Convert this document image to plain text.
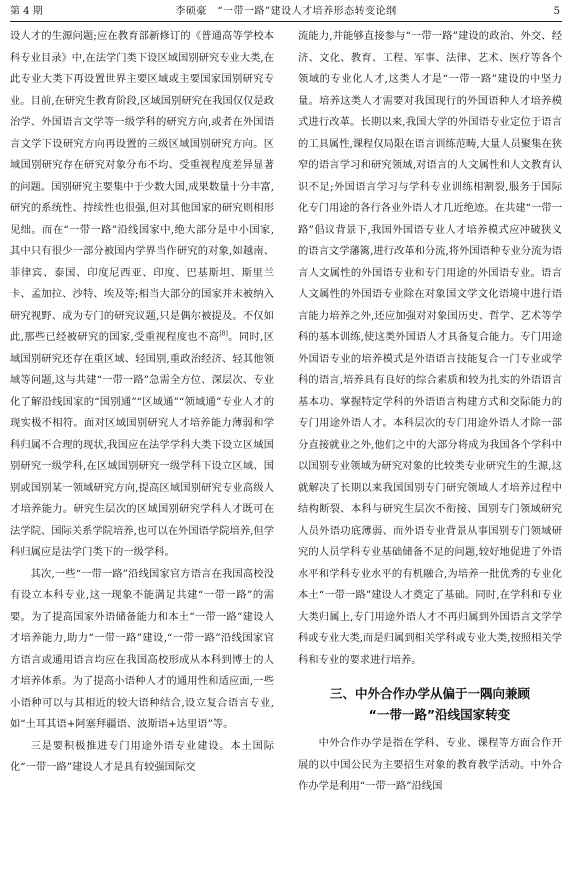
第 4 期	李硕豪　“一带一路”建设人才培养形态转变论纲	5

设人才的生源问题;应在教育部新修订的《普通高等学校本科专业目录》中,在法学门类下设区域国别研究专业大类,在此专业大类下再设置世界主要区域或主要国家国别研究专业。目前,在研究生教育阶段,区域国别研究在我国仅仅是政治学、外国语言文学等一级学科的研究方向,或者在外国语言文学下设研究方向再设置的三级区域国别研究方向。区域国别研究存在研究对象分布不均、受重视程度差异显著的问题。国别研究主要集中于少数大国,成果数量十分丰富,研究的系统性、持续性也很强,但对其他国家的研究则相形见绌。而在“一带一路”沿线国家中,绝大部分是中小国家,其中只有很少一部分被国内学界当作研究的对象,如越南、菲律宾、泰国、印度尼西亚、印度、巴基斯坦、斯里兰卡、孟加拉、沙特、埃及等;相当大部分的国家并未被纳入研究视野、成为专门的研究议题,只是偶尔被提及。不仅如此,那些已经被研究的国家,受重视程度也不高[8]。同时,区域国别研究还存在重区域、轻国别,重政治经济、轻其他领域等问题,这与共建“一带一路”急需全方位、深层次、专业化了解沿线国家的“国别通”“区域通”“领域通”专业人才的现实极不相符。面对区域国别研究人才培养能力薄弱和学科归属不合理的现状,我国应在法学学科大类下设立区域国别研究一级学科,在区域国别研究一级学科下设立区域、国别或国别某一领域研究方向,提高区域国别研究专业高级人才培养能力。研究生层次的区域国别研究学科人才既可在法学院、国际关系学院培养,也可以在外国语学院培养,但学科归属应是法学门类下的一级学科。

其次,一些“一带一路”沿线国家官方语言在我国高校没有设立本科专业,这一现象不能满足共建“一带一路”的需要。为了提高国家外语储备能力和本土“一带一路”建设人才培养能力,助力“一带一路”建设,“一带一路”沿线国家官方语言或通用语言均应在我国高校形成从本科到博士的人才培养体系。为了提高小语种人才的通用性和适应面,一些小语种可以与其相近的较大语种结合,设立复合语言专业,如“土耳其语+阿塞拜疆语、波斯语+达里语”等。

三是要积极推进专门用途外语专业建设。本土国际化“一带一路”建设人才是具有较强国际交

流能力,并能够直接参与“一带一路”建设的政治、外交、经济、文化、教育、工程、军事、法律、艺术、医疗等各个领域的专业化人才,这类人才是“一带一路”建设的中坚力量。培养这类人才需要对我国现行的外国语种人才培养模式进行改革。长期以来,我国大学的外国语专业定位于语言的工具属性,课程仅局限在语言训练范畴,大量人员聚集在狭窄的语言学习和研究领域,对语言的人文属性和人文教育认识不足;外国语言学习与学科专业训练相割裂,服务于国际化专门用途的各行各业外语人才几近绝迹。在共建“一带一路”倡议背景下,我国外国语专业人才培养模式应冲破狭义的语言文学藩篱,进行改革和分流,将外国语种专业分流为语言人文属性的外国语专业和专门用途的外国语专业。语言人文属性的外国语专业除在对象国文学文化语境中进行语言能力培养之外,还应加强对对象国历史、哲学、艺术等学科的基本训练,使这类外国语人才具备复合能力。专门用途外国语专业的培养模式是外语语言技能复合一门专业或学科的语言,培养具有良好的综合素质和较为扎实的外语语言基本功、掌握特定学科的外语语言构建方式和交际能力的专门用途外语人才。本科层次的专门用途外语人才除一部分直接就业之外,他们之中的大部分将成为我国各个学科中以国别专业领域为研究对象的比较类专业研究生的生源,这就解决了长期以来我国国别专门研究领域人才培养过程中结构断裂、本科与研究生层次不衔接、国别专门领域研究人员外语功底薄弱、而外语专业背景从事国别专门领域研究的人员学科专业基础储备不足的问题,较好地促进了外语水平和学科专业水平的有机融合,为培养一批优秀的专业化本土“一带一路”建设人才奠定了基础。同时,在学科和专业大类归属上,专门用途外语人才不再归属到外国语言文学学科或专业大类,而是归属到相关学科或专业大类,按照相关学科和专业的要求进行培养。

三、中外合作办学从偏于一隅向兼顾
“一带一路”沿线国家转变

中外合作办学是指在学科、专业、课程等方面合作开展的以中国公民为主要招生对象的教育教学活动。中外合作办学是利用“一带一路”沿线国
